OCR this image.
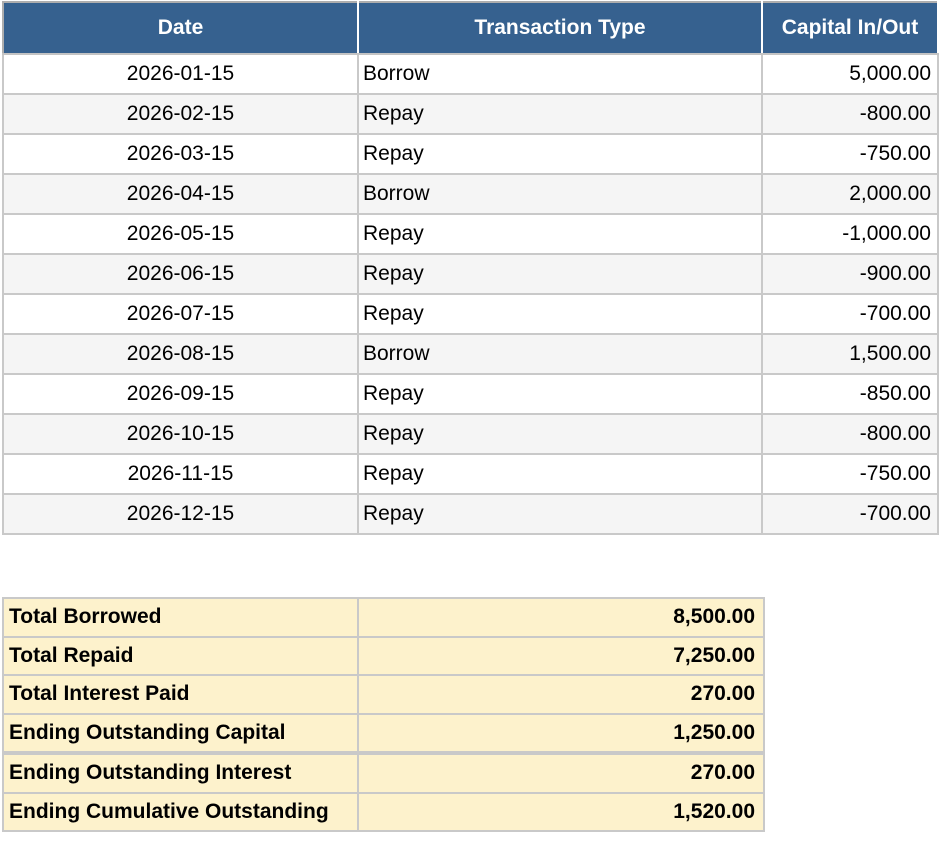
Date	Transaction Type	Capital In/Out
2026-01-15	Borrow	5,000.00
2026-02-15	Repay	-800.00
2026-03-15	Repay	-750.00
2026-04-15	Borrow	2,000.00
2026-05-15	Repay	-1,000.00
2026-06-15	Repay	-900.00
2026-07-15	Repay	-700.00
2026-08-15	Borrow	1,500.00
2026-09-15	Repay	-850.00
2026-10-15	Repay	-800.00
2026-11-15	Repay	-750.00
2026-12-15	Repay	-700.00
Total Borrowed	8,500.00
Total Repaid	7,250.00
Total Interest Paid	270.00
Ending Outstanding Capital	1,250.00
Ending Outstanding Interest	270.00
Ending Cumulative Outstanding	1,520.00
